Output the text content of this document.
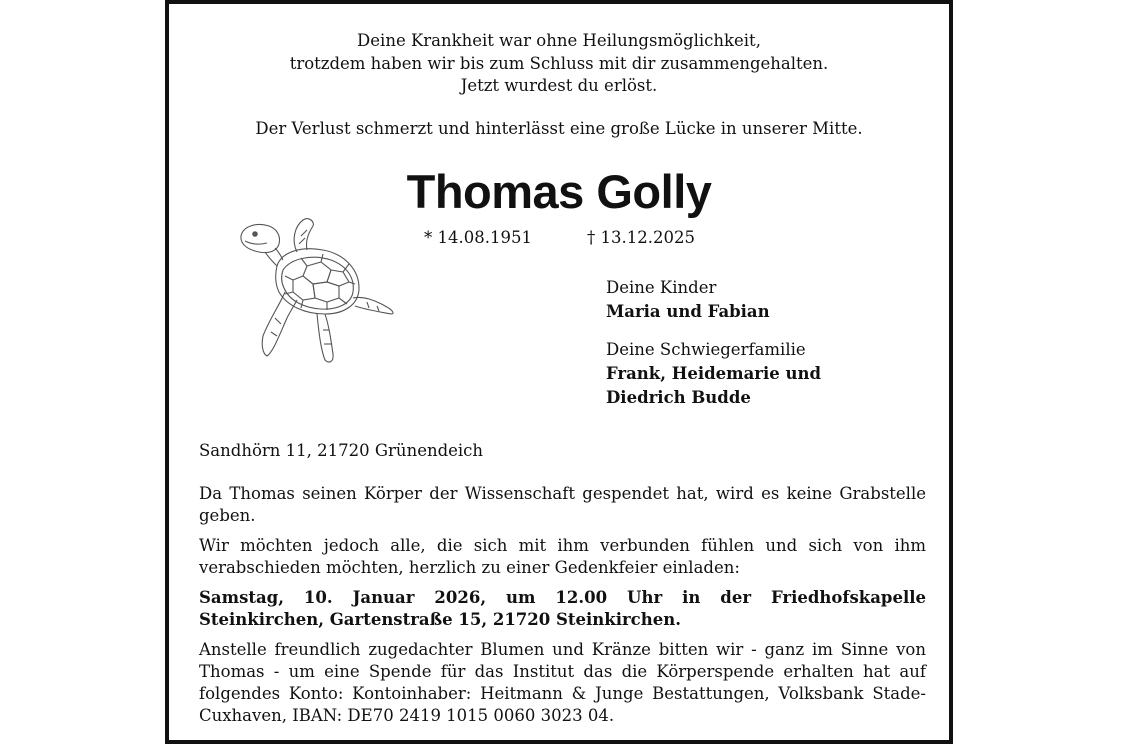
Deine Krankheit war ohne Heilungsmöglichkeit,
trotzdem haben wir bis zum Schluss mit dir zusammengehalten.
Jetzt wurdest du erlöst.
Der Verlust schmerzt und hinterlässt eine große Lücke in unserer Mitte.
Thomas Golly
* 14.08.1951	† 13.12.2025
Deine Kinder
Maria und Fabian
Deine Schwiegerfamilie
Frank, Heidemarie und
Diedrich Budde
Sandhörn 11, 21720 Grünendeich
Da Thomas seinen Körper der Wissenschaft gespendet hat, wird es keine Grabstelle geben.
Wir möchten jedoch alle, die sich mit ihm verbunden fühlen und sich von ihm verabschieden möchten, herzlich zu einer Gedenkfeier einladen:
Samstag, 10. Januar 2026, um 12.00 Uhr in der Friedhofskapelle Steinkirchen, Gartenstraße 15, 21720 Steinkirchen.
Anstelle freundlich zugedachter Blumen und Kränze bitten wir - ganz im Sinne von Thomas - um eine Spende für das Institut das die Körperspende erhalten hat auf folgendes Konto: Kontoinhaber: Heitmann & Junge Bestattungen, Volksbank Stade-Cuxhaven, IBAN: DE70 2419 1015 0060 3023 04.
